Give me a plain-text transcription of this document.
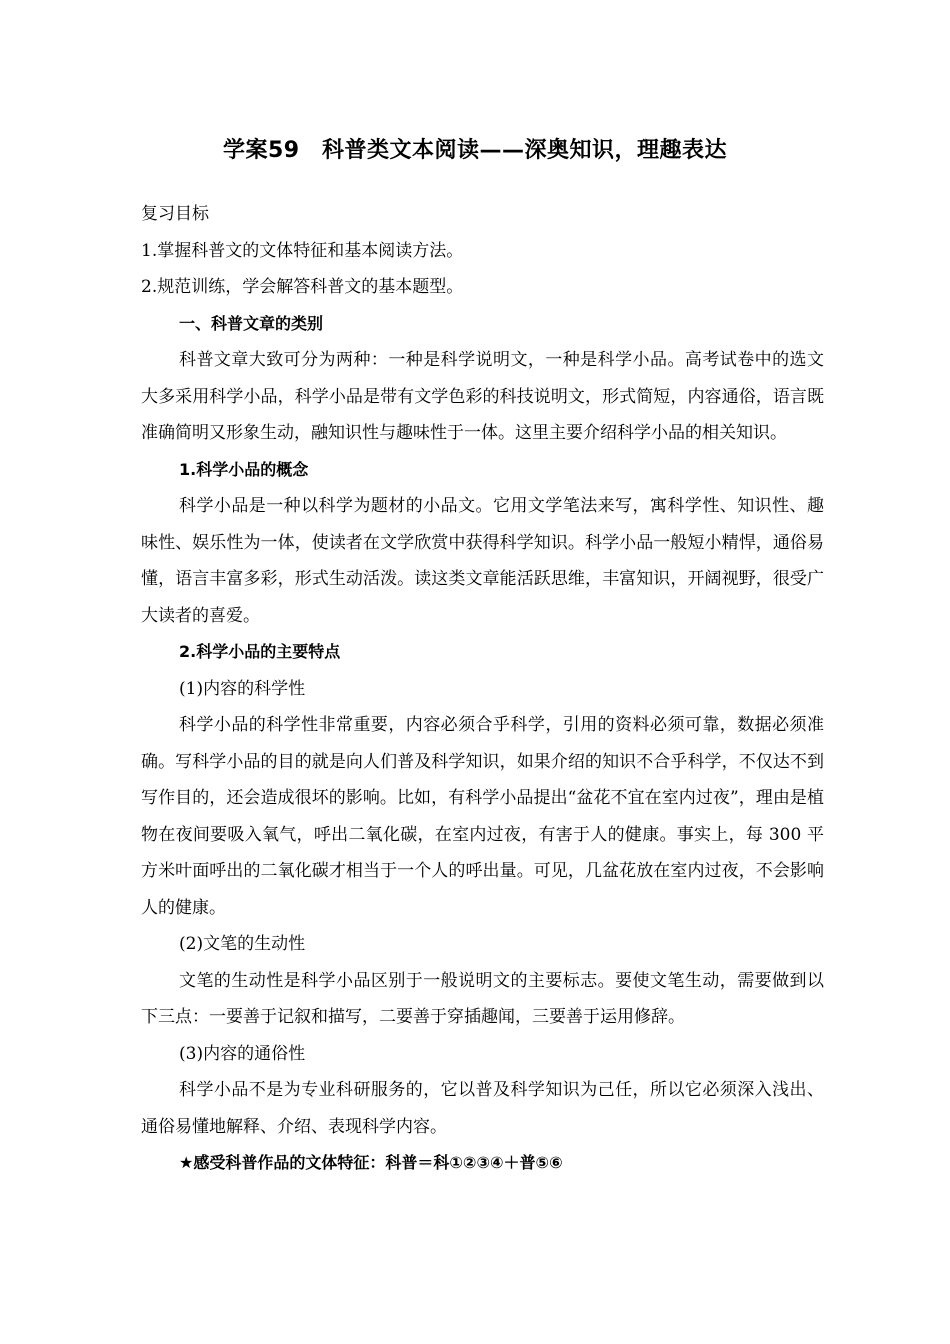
学案59　科普类文本阅读——深奥知识，理趣表达

复习目标

1.掌握科普文的文体特征和基本阅读方法。

2.规范训练，学会解答科普文的基本题型。

一、科普文章的类别

科普文章大致可分为两种：一种是科学说明文，一种是科学小品。高考试卷中的选文大多采用科学小品，科学小品是带有文学色彩的科技说明文，形式简短，内容通俗，语言既准确简明又形象生动，融知识性与趣味性于一体。这里主要介绍科学小品的相关知识。

1.科学小品的概念

科学小品是一种以科学为题材的小品文。它用文学笔法来写，寓科学性、知识性、趣味性、娱乐性为一体，使读者在文学欣赏中获得科学知识。科学小品一般短小精悍，通俗易懂，语言丰富多彩，形式生动活泼。读这类文章能活跃思维，丰富知识，开阔视野，很受广大读者的喜爱。

2.科学小品的主要特点

(1)内容的科学性

科学小品的科学性非常重要，内容必须合乎科学，引用的资料必须可靠，数据必须准确。写科学小品的目的就是向人们普及科学知识，如果介绍的知识不合乎科学，不仅达不到写作目的，还会造成很坏的影响。比如，有科学小品提出“盆花不宜在室内过夜”，理由是植物在夜间要吸入氧气，呼出二氧化碳，在室内过夜，有害于人的健康。事实上，每 300 平方米叶面呼出的二氧化碳才相当于一个人的呼出量。可见，几盆花放在室内过夜，不会影响人的健康。

(2)文笔的生动性

文笔的生动性是科学小品区别于一般说明文的主要标志。要使文笔生动，需要做到以下三点：一要善于记叙和描写，二要善于穿插趣闻，三要善于运用修辞。

(3)内容的通俗性

科学小品不是为专业科研服务的，它以普及科学知识为己任，所以它必须深入浅出、通俗易懂地解释、介绍、表现科学内容。

★感受科普作品的文体特征：科普＝科①②③④＋普⑤⑥
